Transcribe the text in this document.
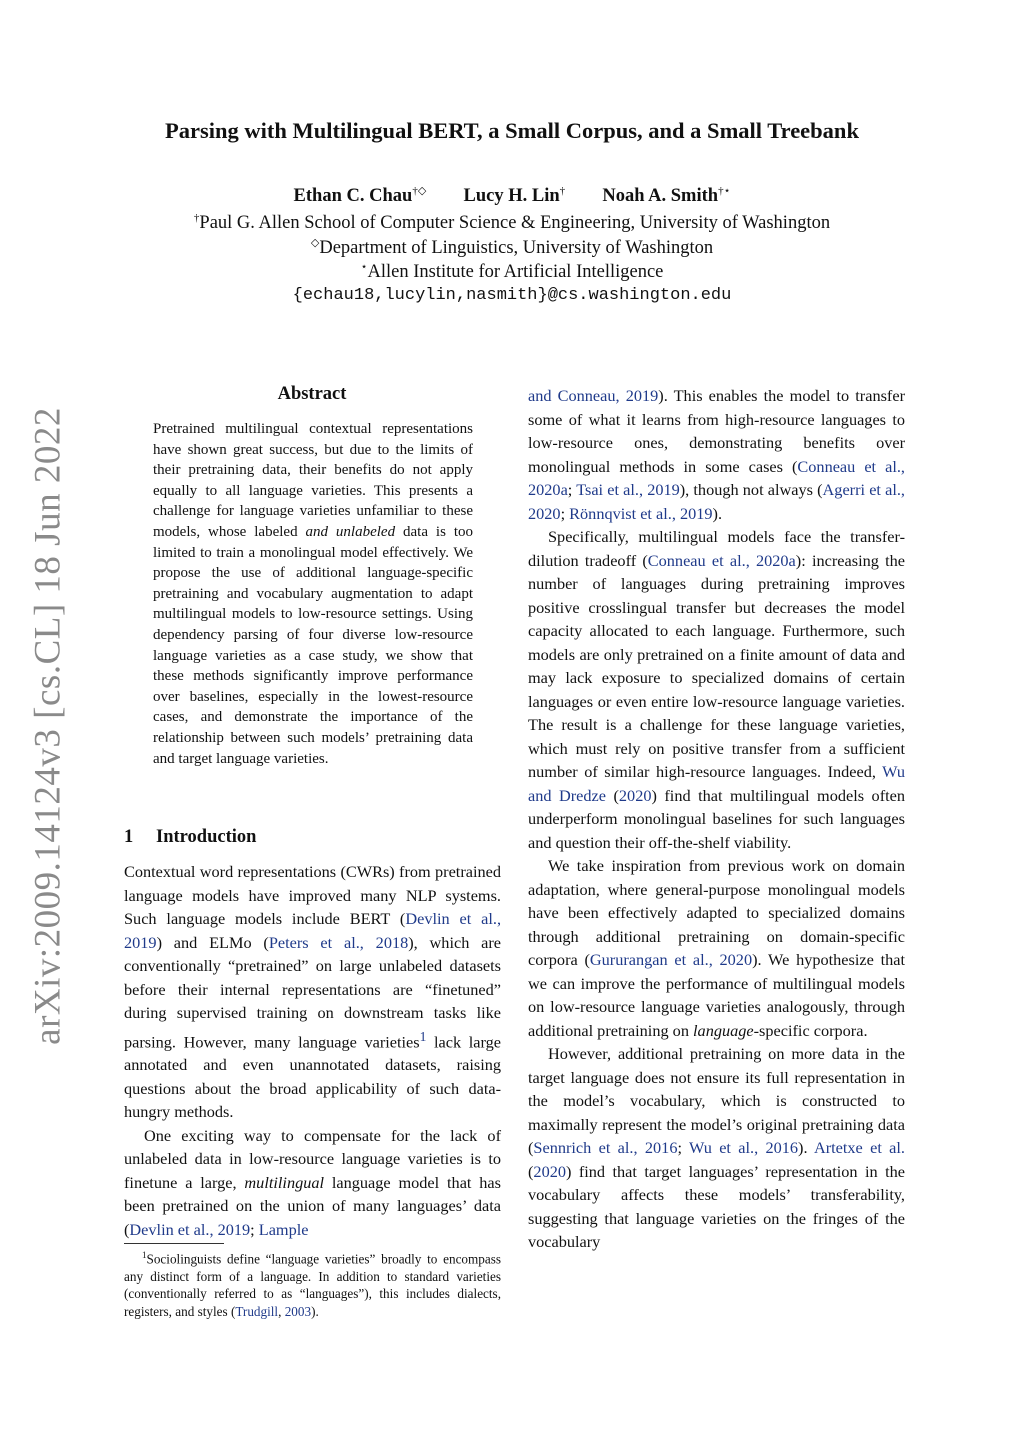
arXiv:2009.14124v3 [cs.CL] 18 Jun 2022
Parsing with Multilingual BERT, a Small Corpus, and a Small Treebank
Ethan C. Chau†◇ Lucy H. Lin† Noah A. Smith†⋆
†Paul G. Allen School of Computer Science & Engineering, University of Washington
◇Department of Linguistics, University of Washington
⋆Allen Institute for Artificial Intelligence
{echau18,lucylin,nasmith}@cs.washington.edu
Abstract
Pretrained multilingual contextual representations have shown great success, but due to the limits of their pretraining data, their benefits do not apply equally to all language varieties. This presents a challenge for language varieties unfamiliar to these models, whose labeled and unlabeled data is too limited to train a monolingual model effectively. We propose the use of additional language-specific pretraining and vocabulary augmentation to adapt multilingual models to low-resource settings. Using dependency parsing of four diverse low-resource language varieties as a case study, we show that these methods significantly improve performance over baselines, especially in the lowest-resource cases, and demonstrate the importance of the relationship between such models’ pretraining data and target language varieties.
1 Introduction

Contextual word representations (CWRs) from pretrained language models have improved many NLP systems. Such language models include BERT (Devlin et al., 2019) and ELMo (Peters et al., 2018), which are conventionally “pretrained” on large unlabeled datasets before their internal representations are “finetuned” during supervised training on downstream tasks like parsing. However, many language varieties$^1$ lack large annotated and even unannotated datasets, raising questions about the broad applicability of such data-hungry methods.

One exciting way to compensate for the lack of unlabeled data in low-resource language varieties is to finetune a large, multilingual language model that has been pretrained on the union of many languages’ data (Devlin et al., 2019; Lample

$^1$Sociolinguists define “language varieties” broadly to encompass any distinct form of a language. In addition to standard varieties (conventionally referred to as “languages”), this includes dialects, registers, and styles (Trudgill, 2003).

and Conneau, 2019). This enables the model to transfer some of what it learns from high-resource languages to low-resource ones, demonstrating benefits over monolingual methods in some cases (Conneau et al., 2020a; Tsai et al., 2019), though not always (Agerri et al., 2020; Rönnqvist et al., 2019).

Specifically, multilingual models face the transfer-dilution tradeoff (Conneau et al., 2020a): increasing the number of languages during pretraining improves positive crosslingual transfer but decreases the model capacity allocated to each language. Furthermore, such models are only pretrained on a finite amount of data and may lack exposure to specialized domains of certain languages or even entire low-resource language varieties. The result is a challenge for these language varieties, which must rely on positive transfer from a sufficient number of similar high-resource languages. Indeed, Wu and Dredze (2020) find that multilingual models often underperform monolingual baselines for such languages and question their off-the-shelf viability.

We take inspiration from previous work on domain adaptation, where general-purpose monolingual models have been effectively adapted to specialized domains through additional pretraining on domain-specific corpora (Gururangan et al., 2020). We hypothesize that we can improve the performance of multilingual models on low-resource language varieties analogously, through additional pretraining on language-specific corpora.

However, additional pretraining on more data in the target language does not ensure its full representation in the model’s vocabulary, which is constructed to maximally represent the model’s original pretraining data (Sennrich et al., 2016; Wu et al., 2016). Artetxe et al. (2020) find that target languages’ representation in the vocabulary affects these models’ transferability, suggesting that language varieties on the fringes of the vocabulary
